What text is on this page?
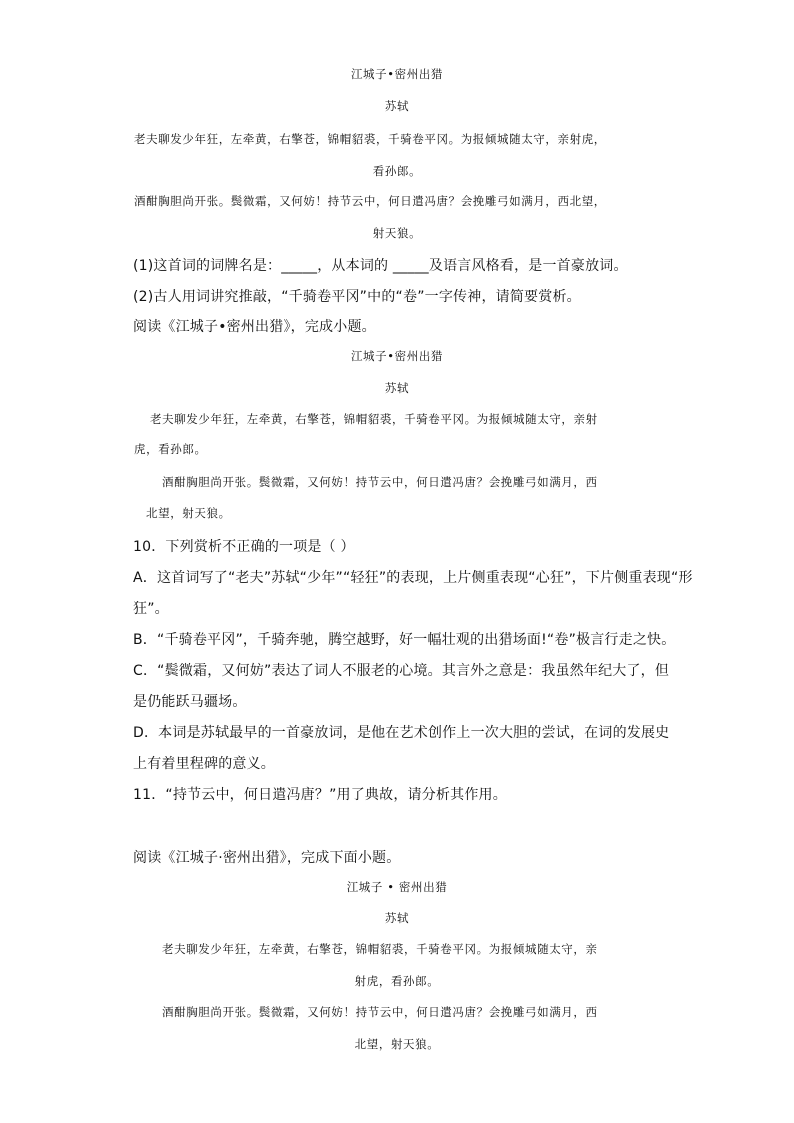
江城子•密州出猎
苏轼
老夫聊发少年狂，左牵黄，右擎苍，锦帽貂裘，千骑卷平冈。为报倾城随太守，亲射虎，
看孙郎。
酒酣胸胆尚开张。鬓微霜，又何妨！持节云中，何日遣冯唐？会挽雕弓如满月，西北望，
射天狼。
(1)这首词的词牌名是：_____，从本词的 _____及语言风格看，是一首豪放词。
(2)古人用词讲究推敲，“千骑卷平冈”中的“卷”一字传神，请简要赏析。
阅读《江城子•密州出猎》，完成小题。
江城子•密州出猎
苏轼
老夫聊发少年狂，左牵黄，右擎苍，锦帽貂裘，千骑卷平冈。为报倾城随太守，亲射
虎，看孙郎。
酒酣胸胆尚开张。鬓微霜，又何妨！持节云中，何日遣冯唐？会挽雕弓如满月，西
北望，射天狼。
10．下列赏析不正确的一项是（ ）
A．这首词写了“老夫”苏轼“少年”“轻狂”的表现，上片侧重表现“心狂”，下片侧重表现“形
狂”。
B．“千骑卷平冈”，千骑奔驰，腾空越野，好一幅壮观的出猎场面!“卷”极言行走之快。
C．“鬓微霜，又何妨”表达了词人不服老的心境。其言外之意是：我虽然年纪大了，但
是仍能跃马疆场。
D．本词是苏轼最早的一首豪放词，是他在艺术创作上一次大胆的尝试，在词的发展史
上有着里程碑的意义。
11．“持节云中，何日遣冯唐？”用了典故，请分析其作用。
阅读《江城子·密州出猎》，完成下面小题。
江城子 • 密州出猎
苏轼
老夫聊发少年狂，左牵黄，右擎苍，锦帽貂裘，千骑卷平冈。为报倾城随太守，亲
射虎，看孙郎。
酒酣胸胆尚开张。鬓微霜，又何妨！持节云中，何日遣冯唐？会挽雕弓如满月，西
北望，射天狼。
